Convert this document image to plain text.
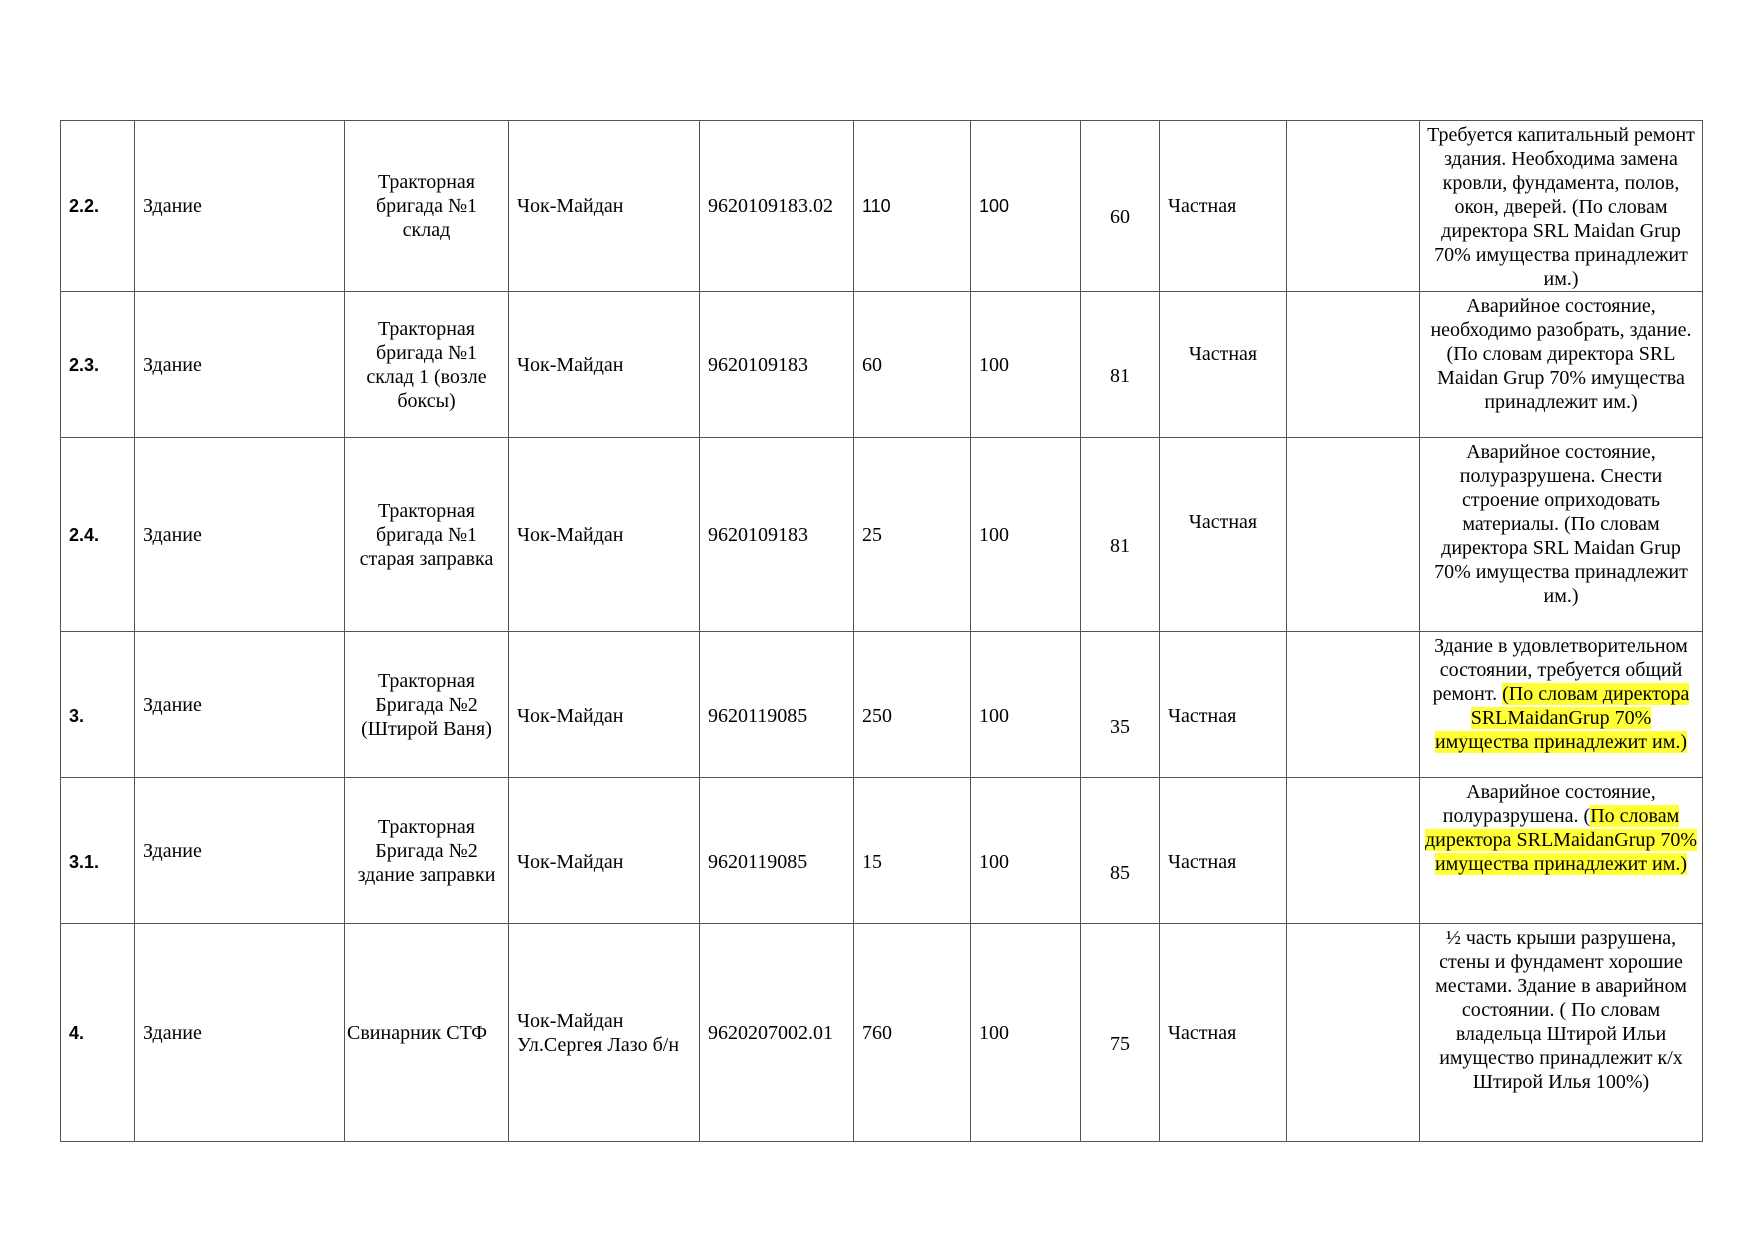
2.2.	Здание	Тракторная бригада №1 склад	Чок-Майдан	9620109183.02	110	100	60	Частная		Требуется капитальный ремонт здания. Необходима замена кровли, фундамента, полов, окон, дверей. (По словам директора SRL Maidan Grup 70% имущества принадлежит им.)
2.3.	Здание	Тракторная бригада №1 склад 1 (возле боксы)	Чок-Майдан	9620109183	60	100	81	Частная		Аварийное состояние, необходимо разобрать, здание. (По словам директора SRL Maidan Grup 70% имущества принадлежит им.)
2.4.	Здание	Тракторная бригада №1 старая заправка	Чок-Майдан	9620109183	25	100	81	Частная		Аварийное состояние, полуразрушена. Снести строение оприходовать материалы. (По словам директора SRL Maidan Grup 70% имущества принадлежит им.)
3.	Здание	Тракторная Бригада №2 (Штирой Ваня)	Чок-Майдан	9620119085	250	100	35	Частная		Здание в удовлетворительном состоянии, требуется общий ремонт. (По словам директора SRLMaidanGrup 70% имущества принадлежит им.)
3.1.	Здание	Тракторная Бригада №2 здание заправки	Чок-Майдан	9620119085	15	100	85	Частная		Аварийное состояние, полуразрушена. (По словам директора SRLMaidanGrup 70% имущества принадлежит им.)
4.	Здание	Свинарник СТФ	Чок-Майдан Ул.Сергея Лазо б/н	9620207002.01	760	100	75	Частная		½ часть крыши разрушена, стены и фундамент хорошие местами. Здание в аварийном состоянии. ( По словам владельца Штирой Ильи имущество принадлежит к/х Штирой Илья 100%)
